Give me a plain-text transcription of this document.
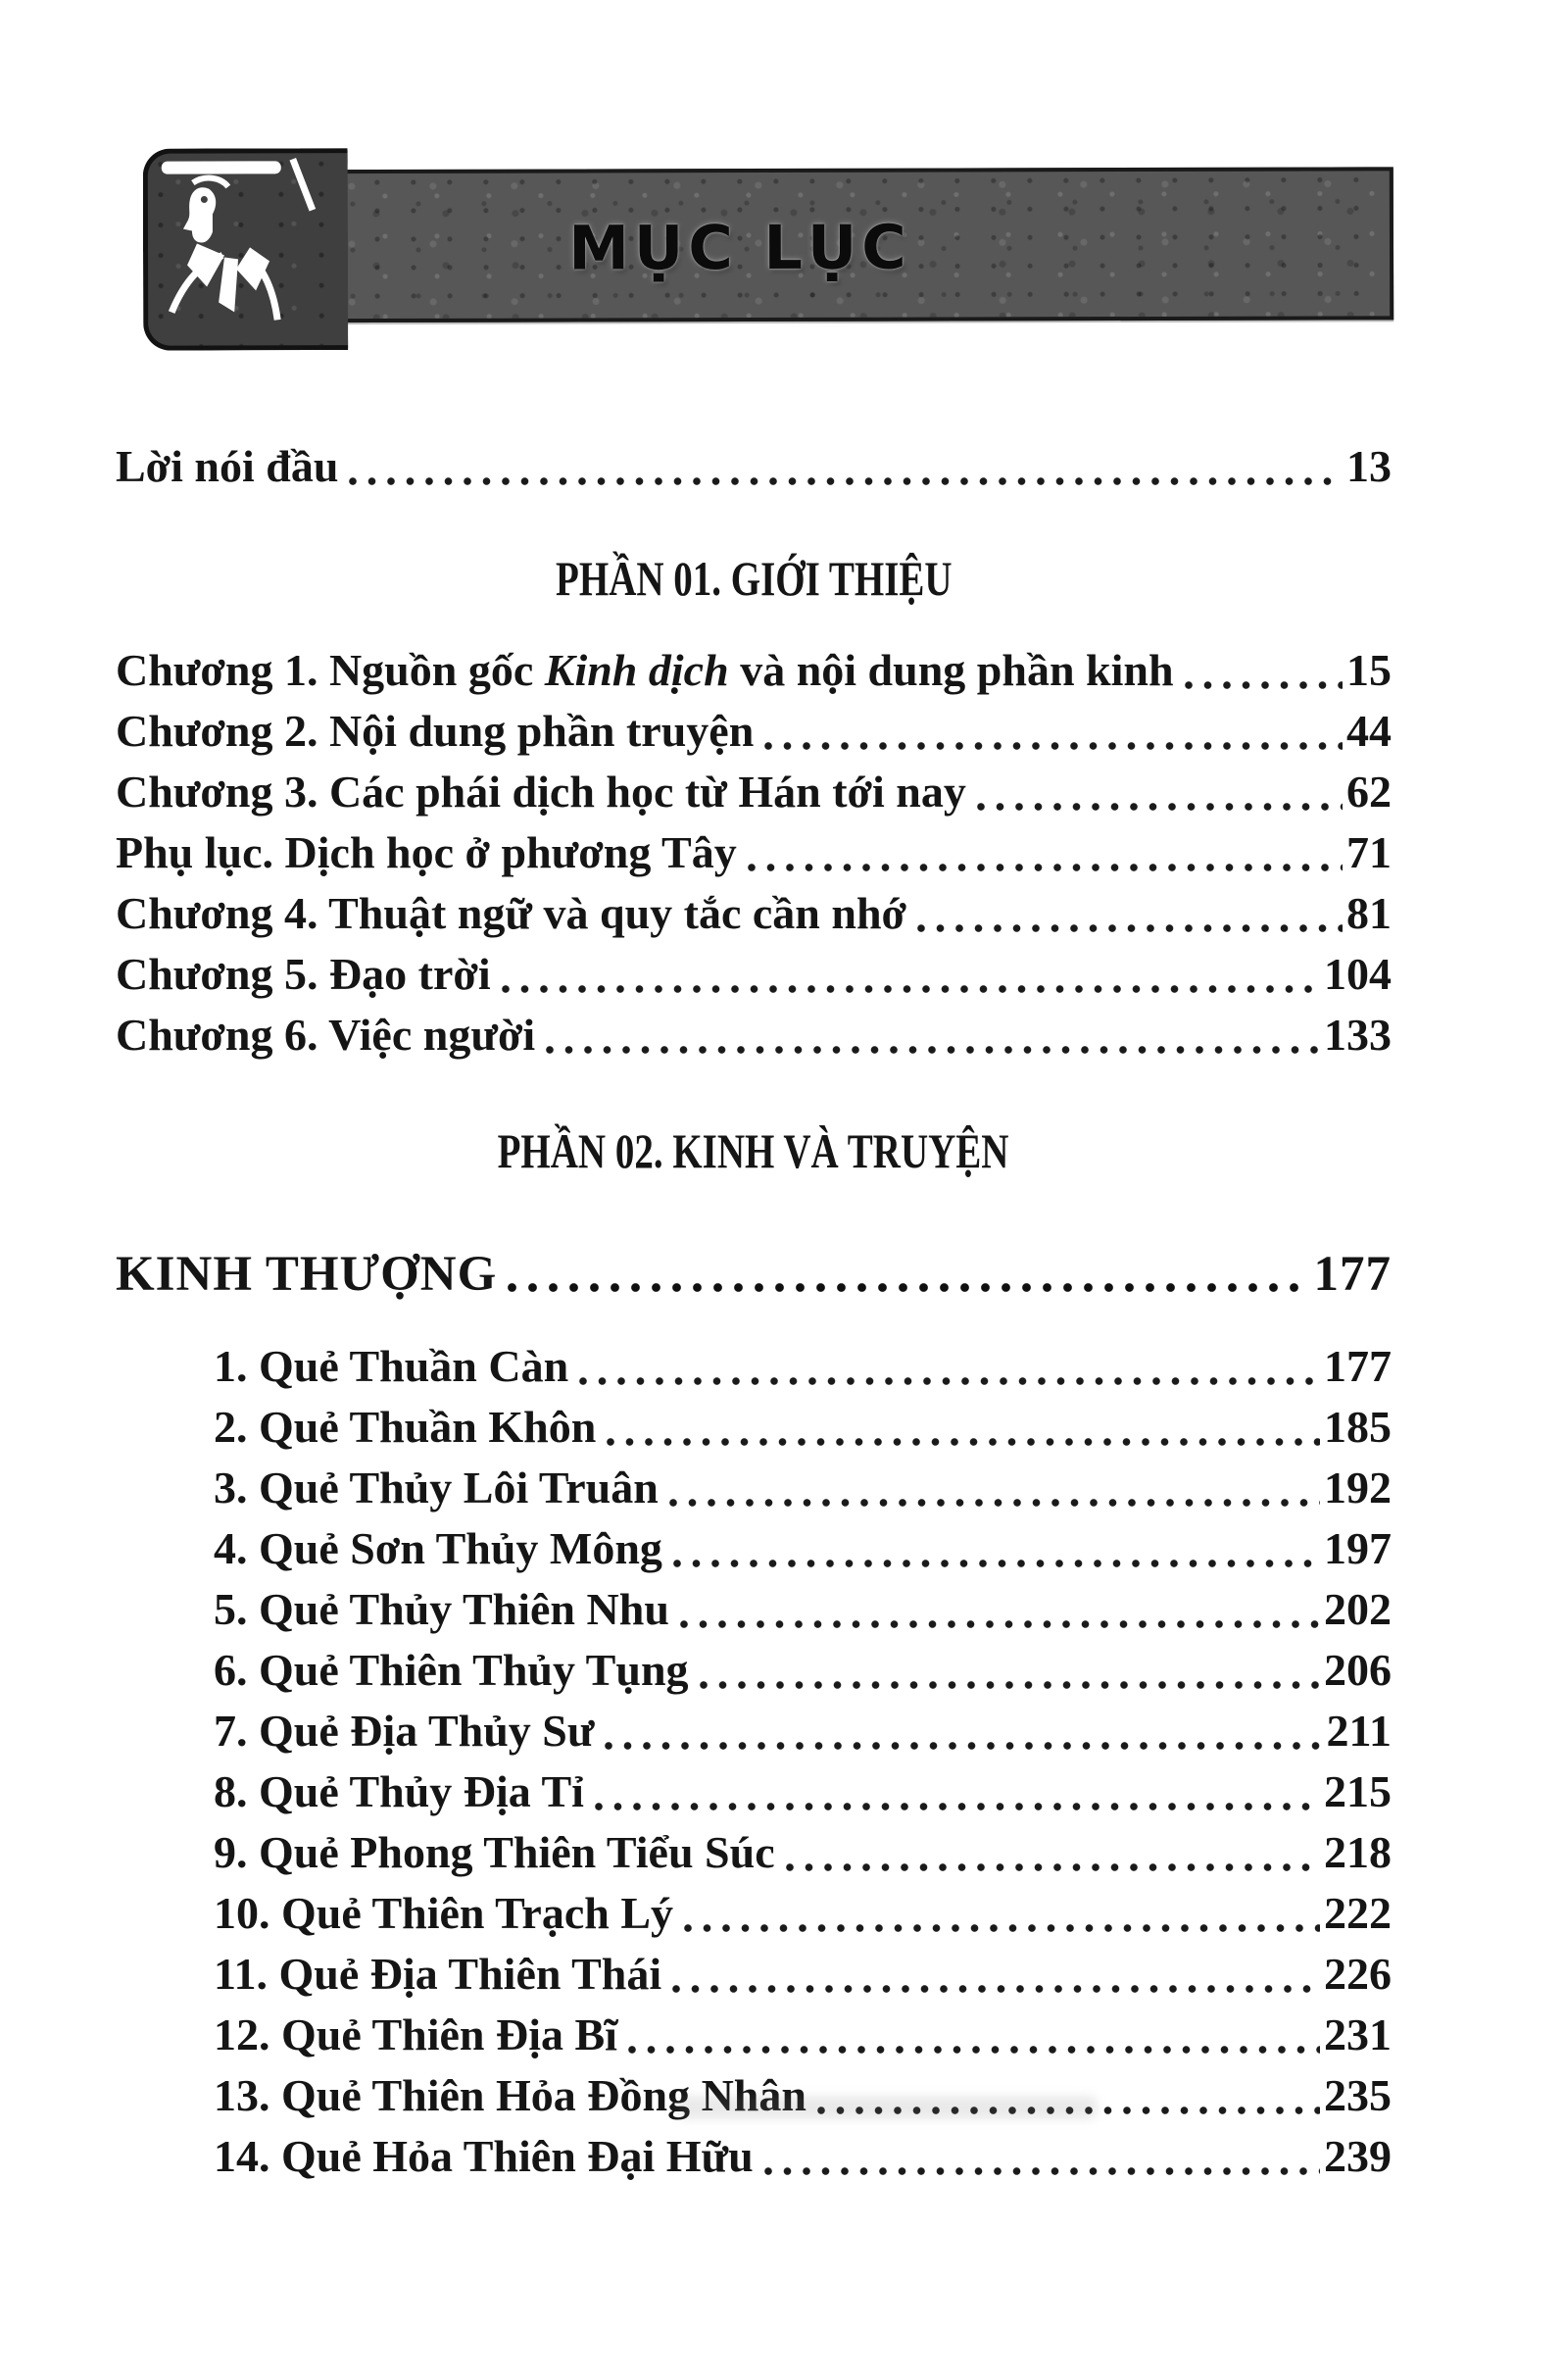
MỤC LỤC
Lời nói đầu	13
PHẦN 01. GIỚI THIỆU
Chương 1. Nguồn gốc Kinh dịch và nội dung phần kinh	15
Chương 2. Nội dung phần truyện	44
Chương 3. Các phái dịch học từ Hán tới nay	62
Phụ lục. Dịch học ở phương Tây	71
Chương 4. Thuật ngữ và quy tắc cần nhớ	81
Chương 5. Đạo trời	104
Chương 6. Việc người	133
PHẦN 02. KINH VÀ TRUYỆN
KINH THƯỢNG	177
1. Quẻ Thuần Càn	177
2. Quẻ Thuần Khôn	185
3. Quẻ Thủy Lôi Truân	192
4. Quẻ Sơn Thủy Mông	197
5. Quẻ Thủy Thiên Nhu	202
6. Quẻ Thiên Thủy Tụng	206
7. Quẻ Địa Thủy Sư	211
8. Quẻ Thủy Địa Tỉ	215
9. Quẻ Phong Thiên Tiểu Súc	218
10. Quẻ Thiên Trạch Lý	222
11. Quẻ Địa Thiên Thái	226
12. Quẻ Thiên Địa Bĩ	231
13. Quẻ Thiên Hỏa Đồng Nhân	235
14. Quẻ Hỏa Thiên Đại Hữu	239
